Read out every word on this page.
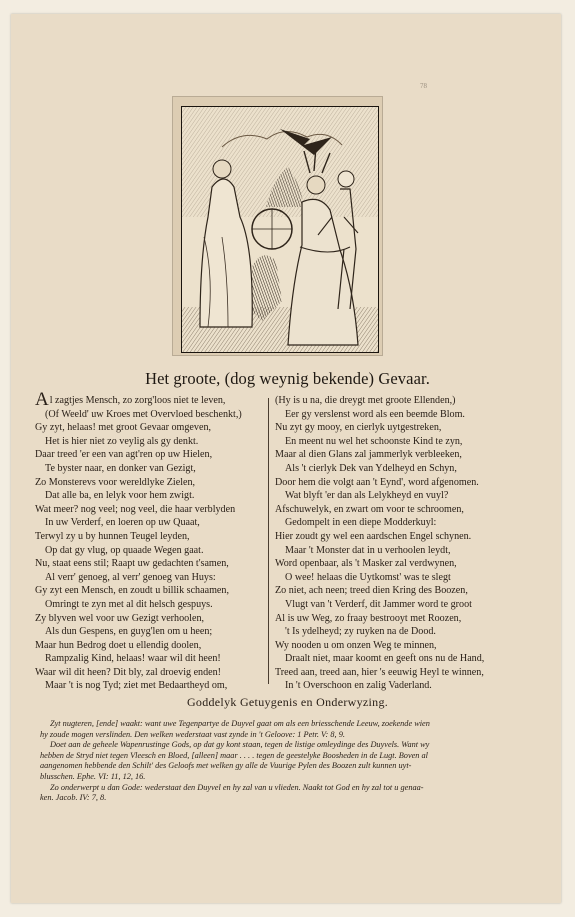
78
Het groote, (dog weynig bekende) Gevaar.
Al zagtjes Mensch, zo zorg'loos niet te leven,
(Of Weeld' uw Kroes met Overvloed beschenkt,)
Gy zyt, helaas! met groot Gevaar omgeven,
Het is hier niet zo veylig als gy denkt.
Daar treed 'er een van agt'ren op uw Hielen,
Te byster naar, en donker van Gezigt,
Zo Monsterevs voor wereldlyke Zielen,
Dat alle ba, en lelyk voor hem zwigt.
Wat meer? nog veel; nog veel, die haar verblyden
In uw Verderf, en loeren op uw Quaat,
Terwyl zy u by hunnen Teugel leyden,
Op dat gy vlug, op quaade Wegen gaat.
Nu, staat eens stil; Raapt uw gedachten t'samen,
Al verr' genoeg, al verr' genoeg van Huys:
Gy zyt een Mensch, en zoudt u billik schaamen,
Omringt te zyn met al dit helsch gespuys.
Zy blyven wel voor uw Gezigt verhoolen,
Als dun Gespens, en guyg'len om u heen;
Maar hun Bedrog doet u ellendig doolen,
Rampzalig Kind, helaas! waar wil dit heen!
Waar wil dit heen? Dit bly, zal droevig enden!
Maar 't is nog Tyd; ziet met Bedaartheyd om,
(Hy is u na, die dreygt met groote Ellenden,)
Eer gy verslenst word als een beemde Blom.
Nu zyt gy mooy, en cierlyk uytgestreken,
En meent nu wel het schoonste Kind te zyn,
Maar al dien Glans zal jammerlyk verbleeken,
Als 't cierlyk Dek van Ydelheyd en Schyn,
Door hem die volgt aan 't Eynd', word afgenomen.
Wat blyft 'er dan als Lelykheyd en vuyl?
Afschuwelyk, en zwart om voor te schroomen,
Gedompelt in een diepe Modderkuyl:
Hier zoudt gy wel een aardschen Engel schynen.
Maar 't Monster dat in u verhoolen leydt,
Word openbaar, als 't Masker zal verdwynen,
O wee! helaas die Uytkomst' was te slegt
Zo niet, ach neen; treed dien Kring des Boozen,
Vlugt van 't Verderf, dit Jammer word te groot
Al is uw Weg, zo fraay bestrooyt met Roozen,
't Is ydelheyd; zy ruyken na de Dood.
Wy nooden u om onzen Weg te minnen,
Draalt niet, maar koomt en geeft ons nu de Hand,
Treed aan, treed aan, hier 's eeuwig Heyl te winnen,
In 't Overschoon en zalig Vaderland.
Goddelyk Getuygenis en Onderwyzing.

Zyt nugteren, [ende] waakt: want uwe Tegenpartye de Duyvel gaat om als een briesschende Leeuw, zoekende wien

hy zoude mogen verslinden. Den welken wederstaat vast zynde in 't Geloove: 1 Petr. V: 8, 9.

Doet aan de geheele Wapenrustinge Gods, op dat gy kont staan, tegen de listige omleydinge des Duyvels. Want wy

hebben de Stryd niet tegen Vleesch en Bloed, [alleen] maar . . . . tegen de geestelyke Boosheden in de Lugt. Boven al

aangenomen hebbende den Schilt' des Geloofs met welken gy alle de Vuurige Pylen des Boozen zult kunnen uyt-

blusschen. Ephe. VI: 11, 12, 16.

Zo onderwerpt u dan Gode: wederstaat den Duyvel en hy zal van u vlieden. Naakt tot God en hy zal tot u genaa-

ken. Jacob. IV: 7, 8.
